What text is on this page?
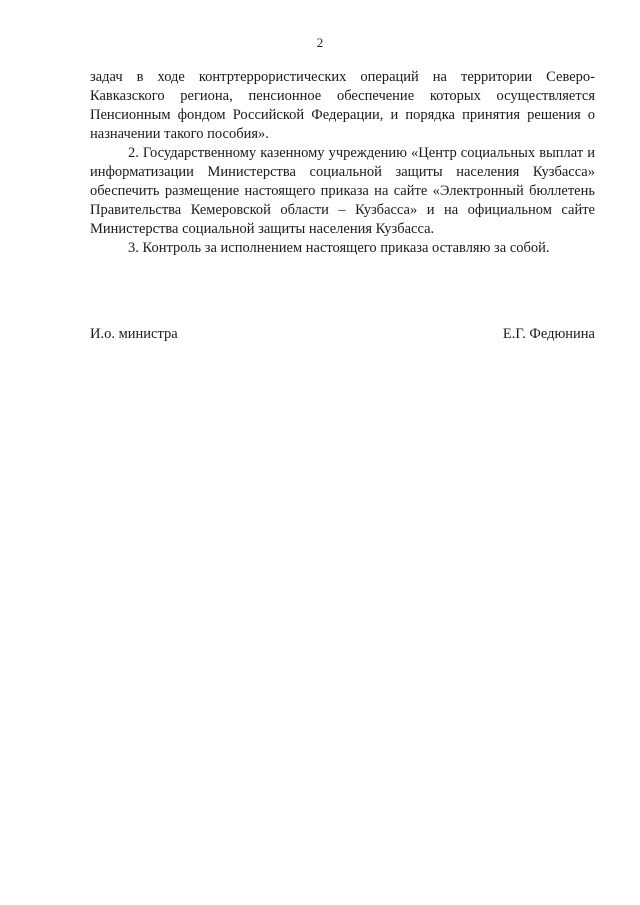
2

задач в ходе контртеррористических операций на территории Северо-Кавказского региона, пенсионное обеспечение которых осуществляется Пенсионным фондом Российской Федерации, и порядка принятия решения о назначении такого пособия».

2. Государственному казенному учреждению «Центр социальных выплат и информатизации Министерства социальной защиты населения Кузбасса» обеспечить размещение настоящего приказа на сайте «Электронный бюллетень Правительства Кемеровской области – Кузбасса» и на официальном сайте Министерства социальной защиты населения Кузбасса.

3. Контроль за исполнением настоящего приказа оставляю за собой.

И.о. министра	Е.Г. Федюнина
